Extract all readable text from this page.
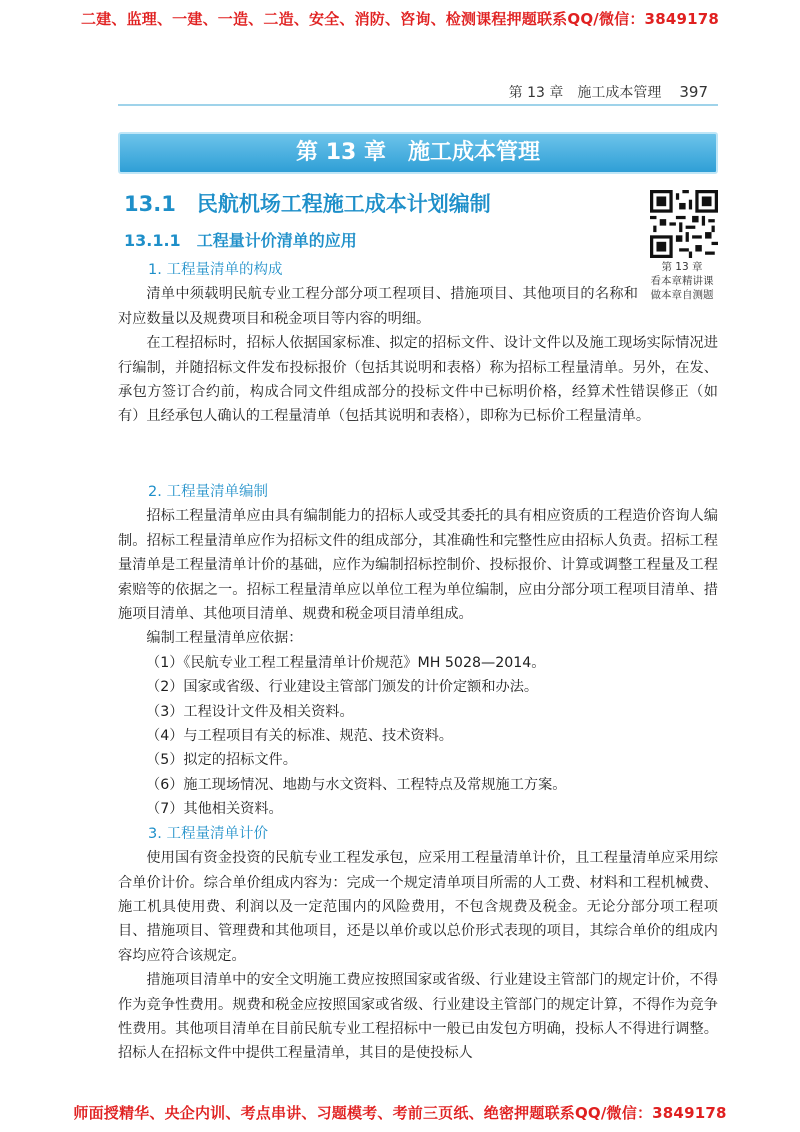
二建、监理、一建、一造、二造、安全、消防、咨询、检测课程押题联系QQ/微信：3849178
第 13 章　施工成本管理 397
第 13 章　施工成本管理
13.1　民航机场工程施工成本计划编制
13.1.1　工程量计价清单的应用
第 13 章
看本章精讲课
做本章自测题
1. 工程量清单的构成

清单中须载明民航专业工程分部分项工程项目、措施项目、其他项目的名称和对应数量以及规费项目和税金项目等内容的明细。

在工程招标时，招标人依据国家标准、拟定的招标文件、设计文件以及施工现场实际情况进行编制，并随招标文件发布投标报价（包括其说明和表格）称为招标工程量清单。另外，在发、承包方签订合约前，构成合同文件组成部分的投标文件中已标明价格，经算术性错误修正（如有）且经承包人确认的工程量清单（包括其说明和表格），即称为已标价工程量清单。

2. 工程量清单编制

招标工程量清单应由具有编制能力的招标人或受其委托的具有相应资质的工程造价咨询人编制。招标工程量清单应作为招标文件的组成部分，其准确性和完整性应由招标人负责。招标工程量清单是工程量清单计价的基础，应作为编制招标控制价、投标报价、计算或调整工程量及工程索赔等的依据之一。招标工程量清单应以单位工程为单位编制，应由分部分项工程项目清单、措施项目清单、其他项目清单、规费和税金项目清单组成。

编制工程量清单应依据：

（1）《民航专业工程工程量清单计价规范》MH 5028—2014。

（2）国家或省级、行业建设主管部门颁发的计价定额和办法。

（3）工程设计文件及相关资料。

（4）与工程项目有关的标准、规范、技术资料。

（5）拟定的招标文件。

（6）施工现场情况、地勘与水文资料、工程特点及常规施工方案。

（7）其他相关资料。

3. 工程量清单计价

使用国有资金投资的民航专业工程发承包，应采用工程量清单计价，且工程量清单应采用综合单价计价。综合单价组成内容为：完成一个规定清单项目所需的人工费、材料和工程机械费、施工机具使用费、利润以及一定范围内的风险费用，不包含规费及税金。无论分部分项工程项目、措施项目、管理费和其他项目，还是以单价或以总价形式表现的项目，其综合单价的组成内容均应符合该规定。

措施项目清单中的安全文明施工费应按照国家或省级、行业建设主管部门的规定计价，不得作为竞争性费用。规费和税金应按照国家或省级、行业建设主管部门的规定计算，不得作为竞争性费用。其他项目清单在目前民航专业工程招标中一般已由发包方明确，投标人不得进行调整。招标人在招标文件中提供工程量清单，其目的是使投标人

师面授精华、央企内训、考点串讲、习题模考、考前三页纸、绝密押题联系QQ/微信：3849178
